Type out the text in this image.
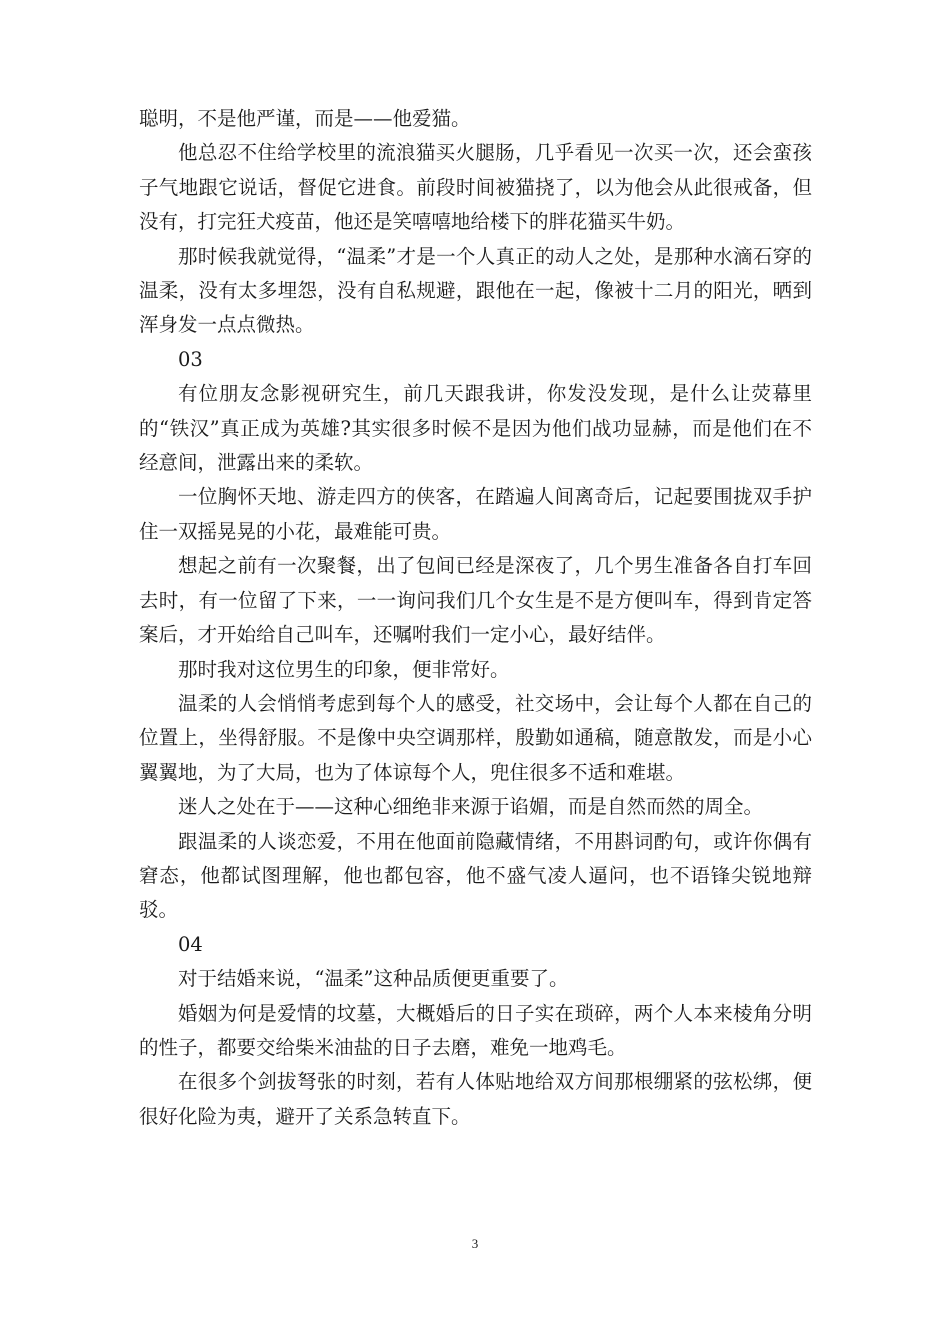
聪明，不是他严谨，而是——他爱猫。

他总忍不住给学校里的流浪猫买火腿肠，几乎看见一次买一次，还会蛮孩子气地跟它说话，督促它进食。前段时间被猫挠了，以为他会从此很戒备，但没有，打完狂犬疫苗，他还是笑嘻嘻地给楼下的胖花猫买牛奶。

那时候我就觉得，“温柔”才是一个人真正的动人之处，是那种水滴石穿的温柔，没有太多埋怨，没有自私规避，跟他在一起，像被十二月的阳光，晒到浑身发一点点微热。

03

有位朋友念影视研究生，前几天跟我讲，你发没发现，是什么让荧幕里的“铁汉”真正成为英雄?其实很多时候不是因为他们战功显赫，而是他们在不经意间，泄露出来的柔软。

一位胸怀天地、游走四方的侠客，在踏遍人间离奇后，记起要围拢双手护住一双摇晃晃的小花，最难能可贵。

想起之前有一次聚餐，出了包间已经是深夜了，几个男生准备各自打车回去时，有一位留了下来，一一询问我们几个女生是不是方便叫车，得到肯定答案后，才开始给自己叫车，还嘱咐我们一定小心，最好结伴。

那时我对这位男生的印象，便非常好。

温柔的人会悄悄考虑到每个人的感受，社交场中，会让每个人都在自己的位置上，坐得舒服。不是像中央空调那样，殷勤如通稿，随意散发，而是小心翼翼地，为了大局，也为了体谅每个人，兜住很多不适和难堪。

迷人之处在于——这种心细绝非来源于谄媚，而是自然而然的周全。

跟温柔的人谈恋爱，不用在他面前隐藏情绪，不用斟词酌句，或许你偶有窘态，他都试图理解，他也都包容，他不盛气凌人逼问，也不语锋尖锐地辩驳。

04

对于结婚来说，“温柔”这种品质便更重要了。

婚姻为何是爱情的坟墓，大概婚后的日子实在琐碎，两个人本来棱角分明的性子，都要交给柴米油盐的日子去磨，难免一地鸡毛。

在很多个剑拔弩张的时刻，若有人体贴地给双方间那根绷紧的弦松绑，便很好化险为夷，避开了关系急转直下。

3
